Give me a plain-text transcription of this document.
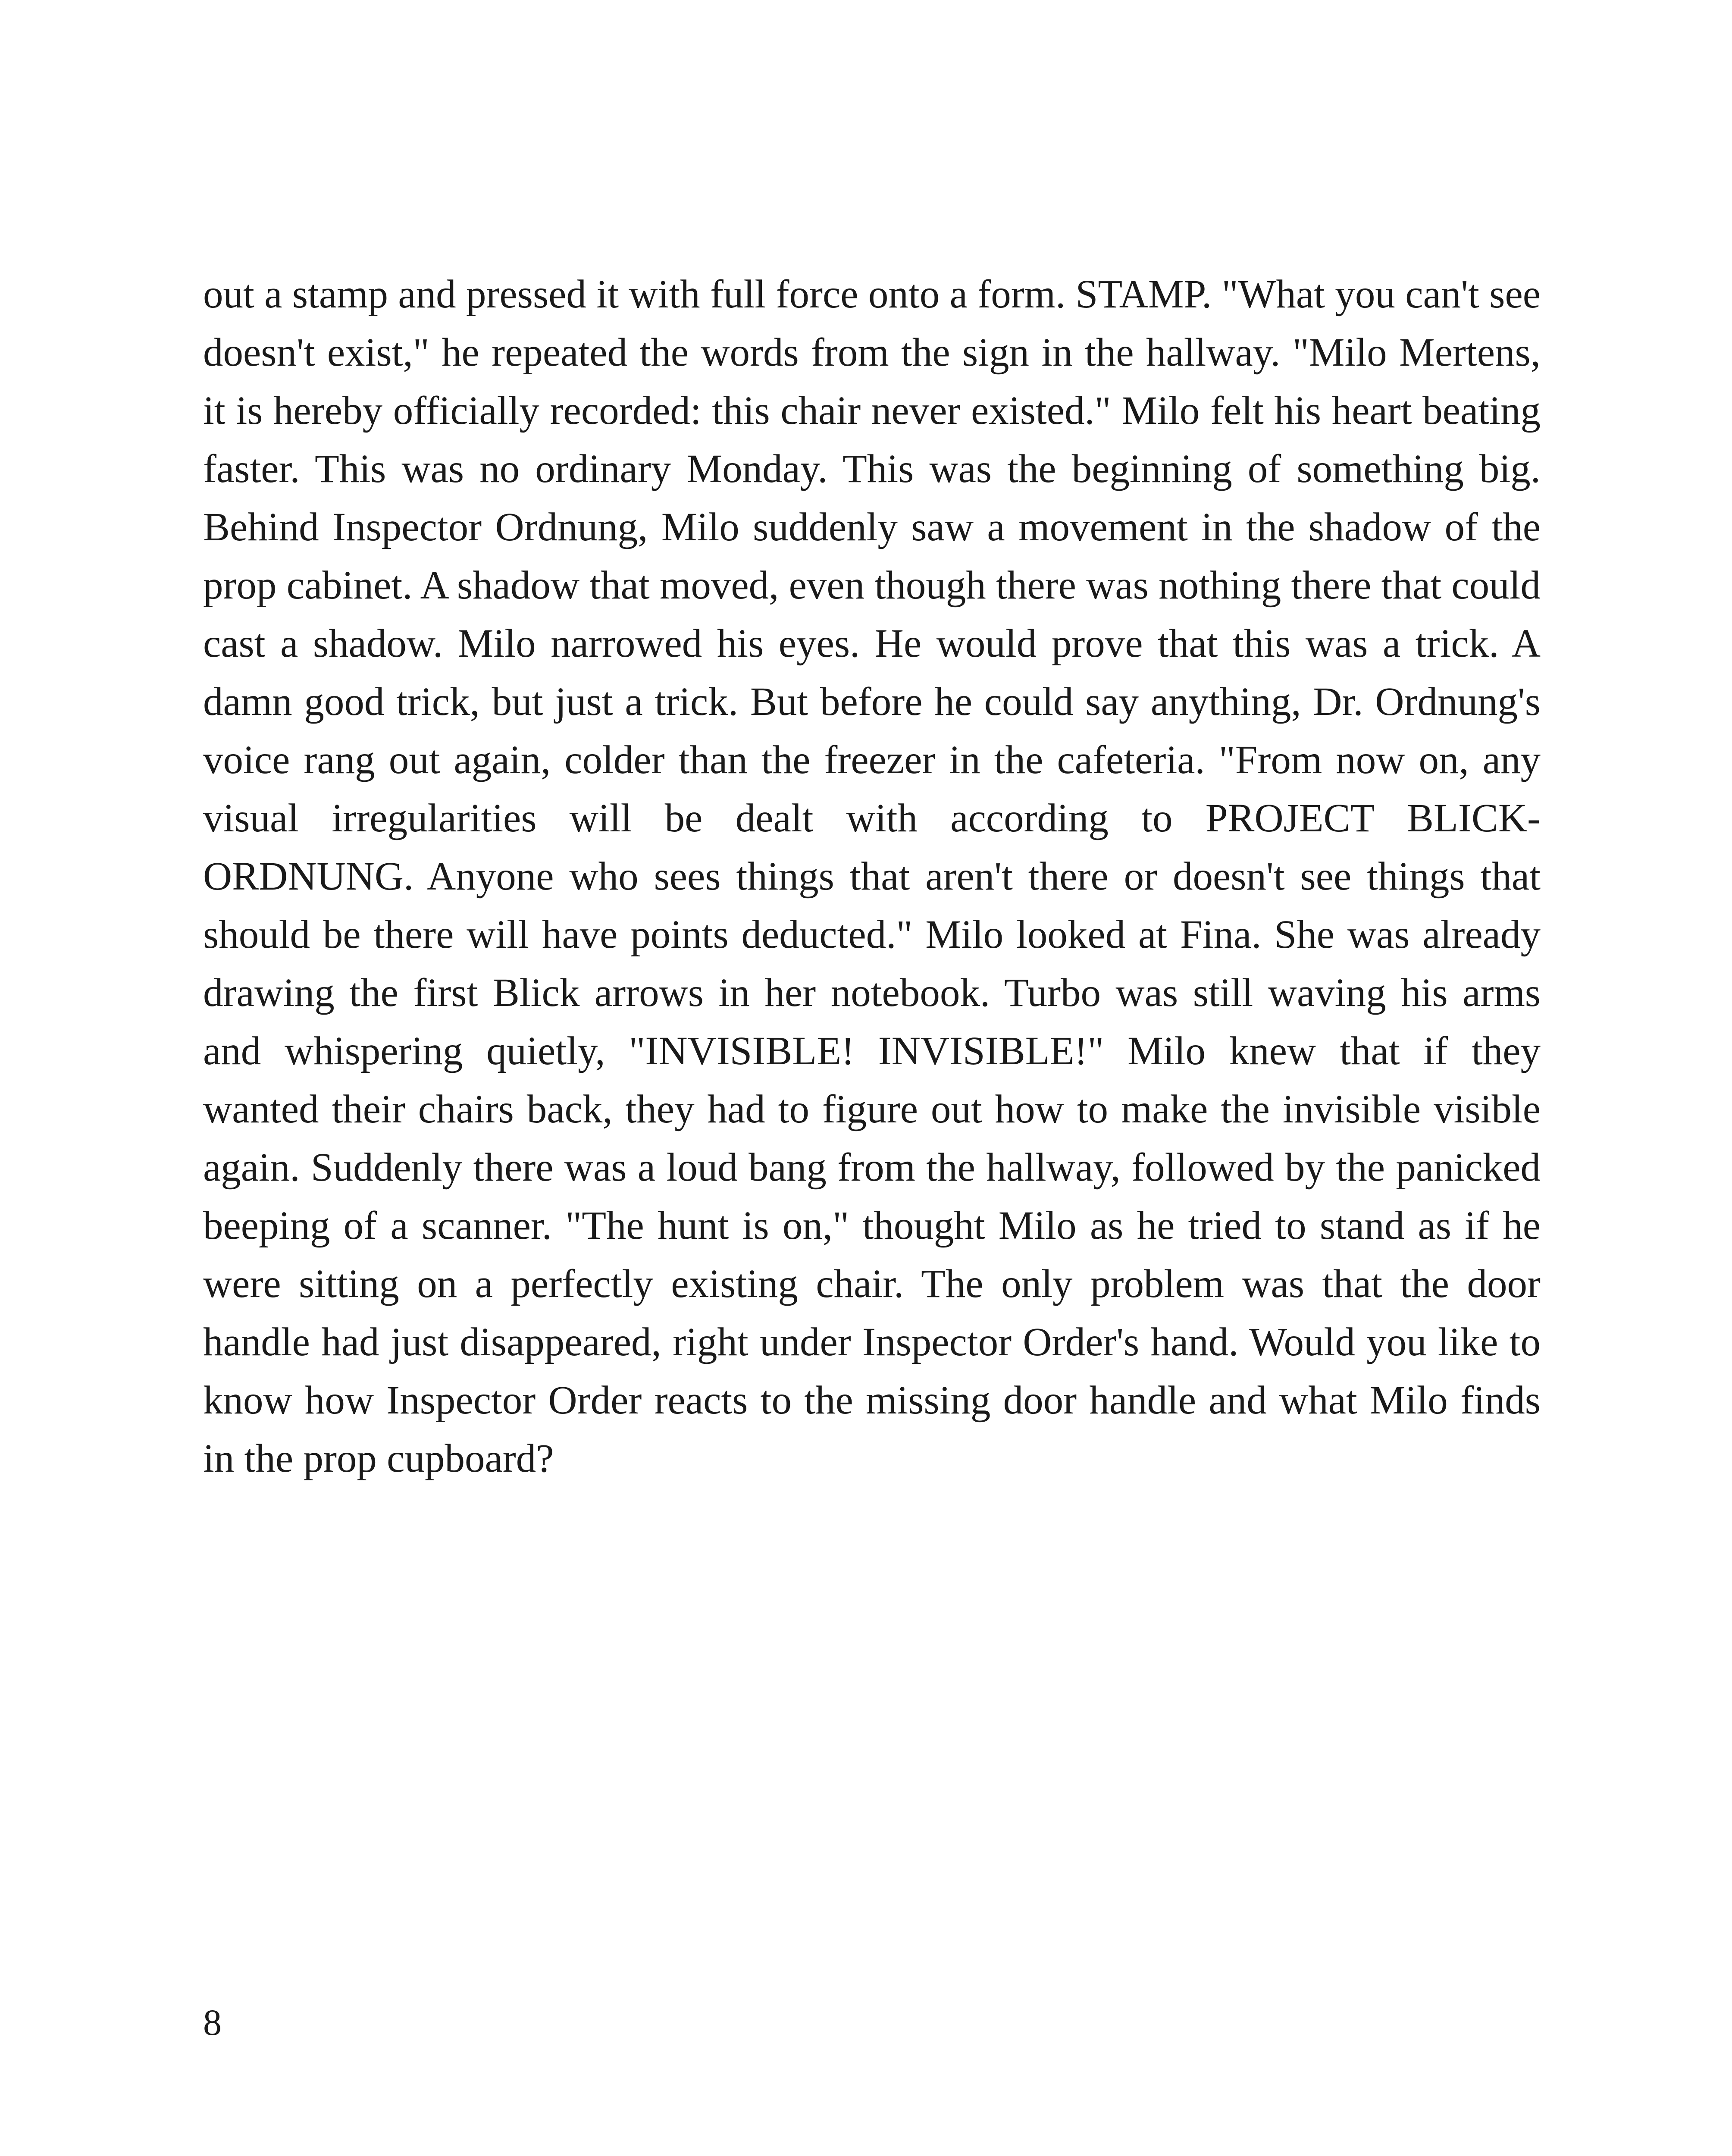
out a stamp and pressed it with full force onto a form. STAMP. "What you can't see doesn't exist," he repeated the words from the sign in the hallway. "Milo Mertens, it is hereby officially recorded: this chair never existed." Milo felt his heart beating faster. This was no ordinary Monday. This was the beginning of something big. Behind Inspector Ordnung, Milo suddenly saw a movement in the shadow of the prop cabinet. A shadow that moved, even though there was nothing there that could cast a shadow. Milo narrowed his eyes. He would prove that this was a trick. A damn good trick, but just a trick. But before he could say anything, Dr. Ordnung's voice rang out again, colder than the freezer in the cafeteria. "From now on, any visual irregularities will be dealt with according to PROJECT BLICK-ORDNUNG. Anyone who sees things that aren't there or doesn't see things that should be there will have points deducted." Milo looked at Fina. She was already drawing the first Blick arrows in her notebook. Turbo was still waving his arms and whispering quietly, "INVISIBLE! INVISIBLE!" Milo knew that if they wanted their chairs back, they had to figure out how to make the invisible visible again. Suddenly there was a loud bang from the hallway, followed by the panicked beeping of a scanner. "The hunt is on," thought Milo as he tried to stand as if he were sitting on a perfectly existing chair. The only problem was that the door handle had just disappeared, right under Inspector Order's hand. Would you like to know how Inspector Order reacts to the missing door handle and what Milo finds in the prop cupboard?

8
